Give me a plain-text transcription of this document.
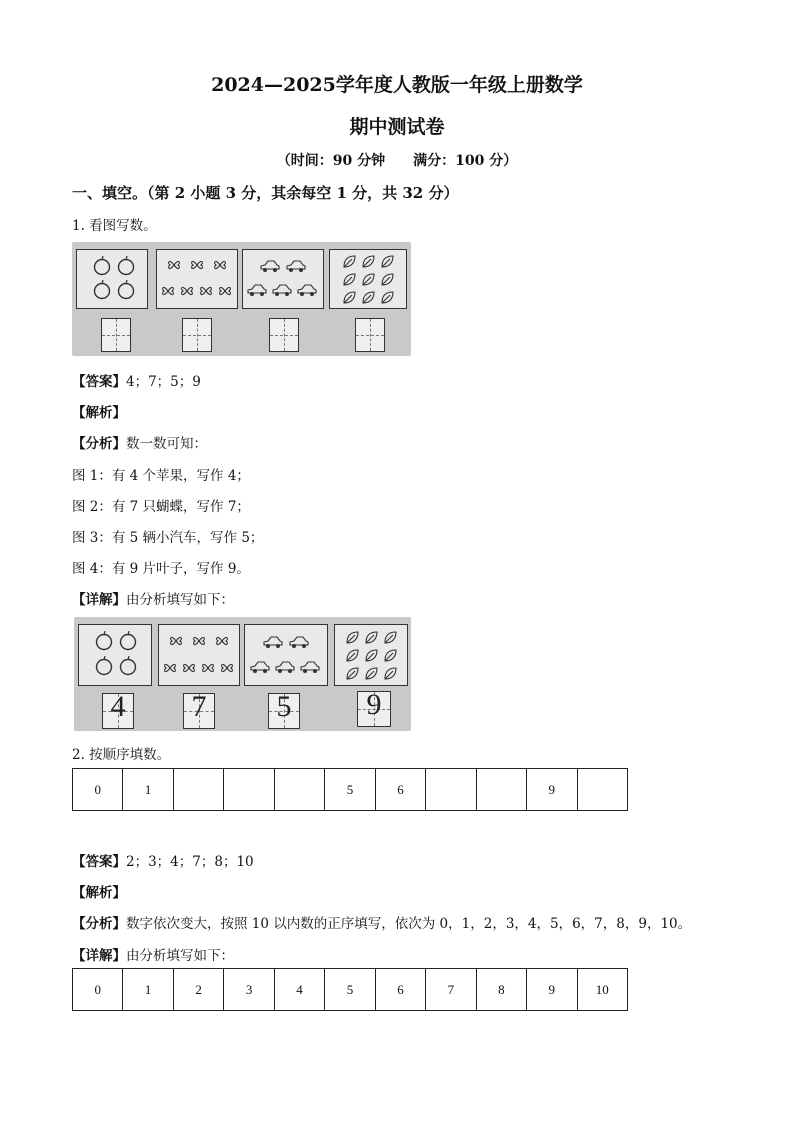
2024—2025学年度人教版一年级上册数学
期中测试卷
（时间：90 分钟　　满分：100 分）
一、填空。（第 2 小题 3 分，其余每空 1 分，共 32 分）
1. 看图写数。
【答案】4；7；5；9
【解析】
【分析】数一数可知：
图 1：有 4 个苹果，写作 4；
图 2：有 7 只蝴蝶，写作 7；
图 3：有 5 辆小汽车，写作 5；
图 4：有 9 片叶子，写作 9。
【详解】由分析填写如下：
4 7 5	9
2. 按顺序填数。
0	1				5	6			9	
【答案】2；3；4；7；8；10
【解析】
【分析】数字依次变大，按照 10 以内数的正序填写，依次为 0，1，2，3，4，5，6，7，8，9，10。
【详解】由分析填写如下：
0	1	2	3	4	5	6	7	8	9	10
